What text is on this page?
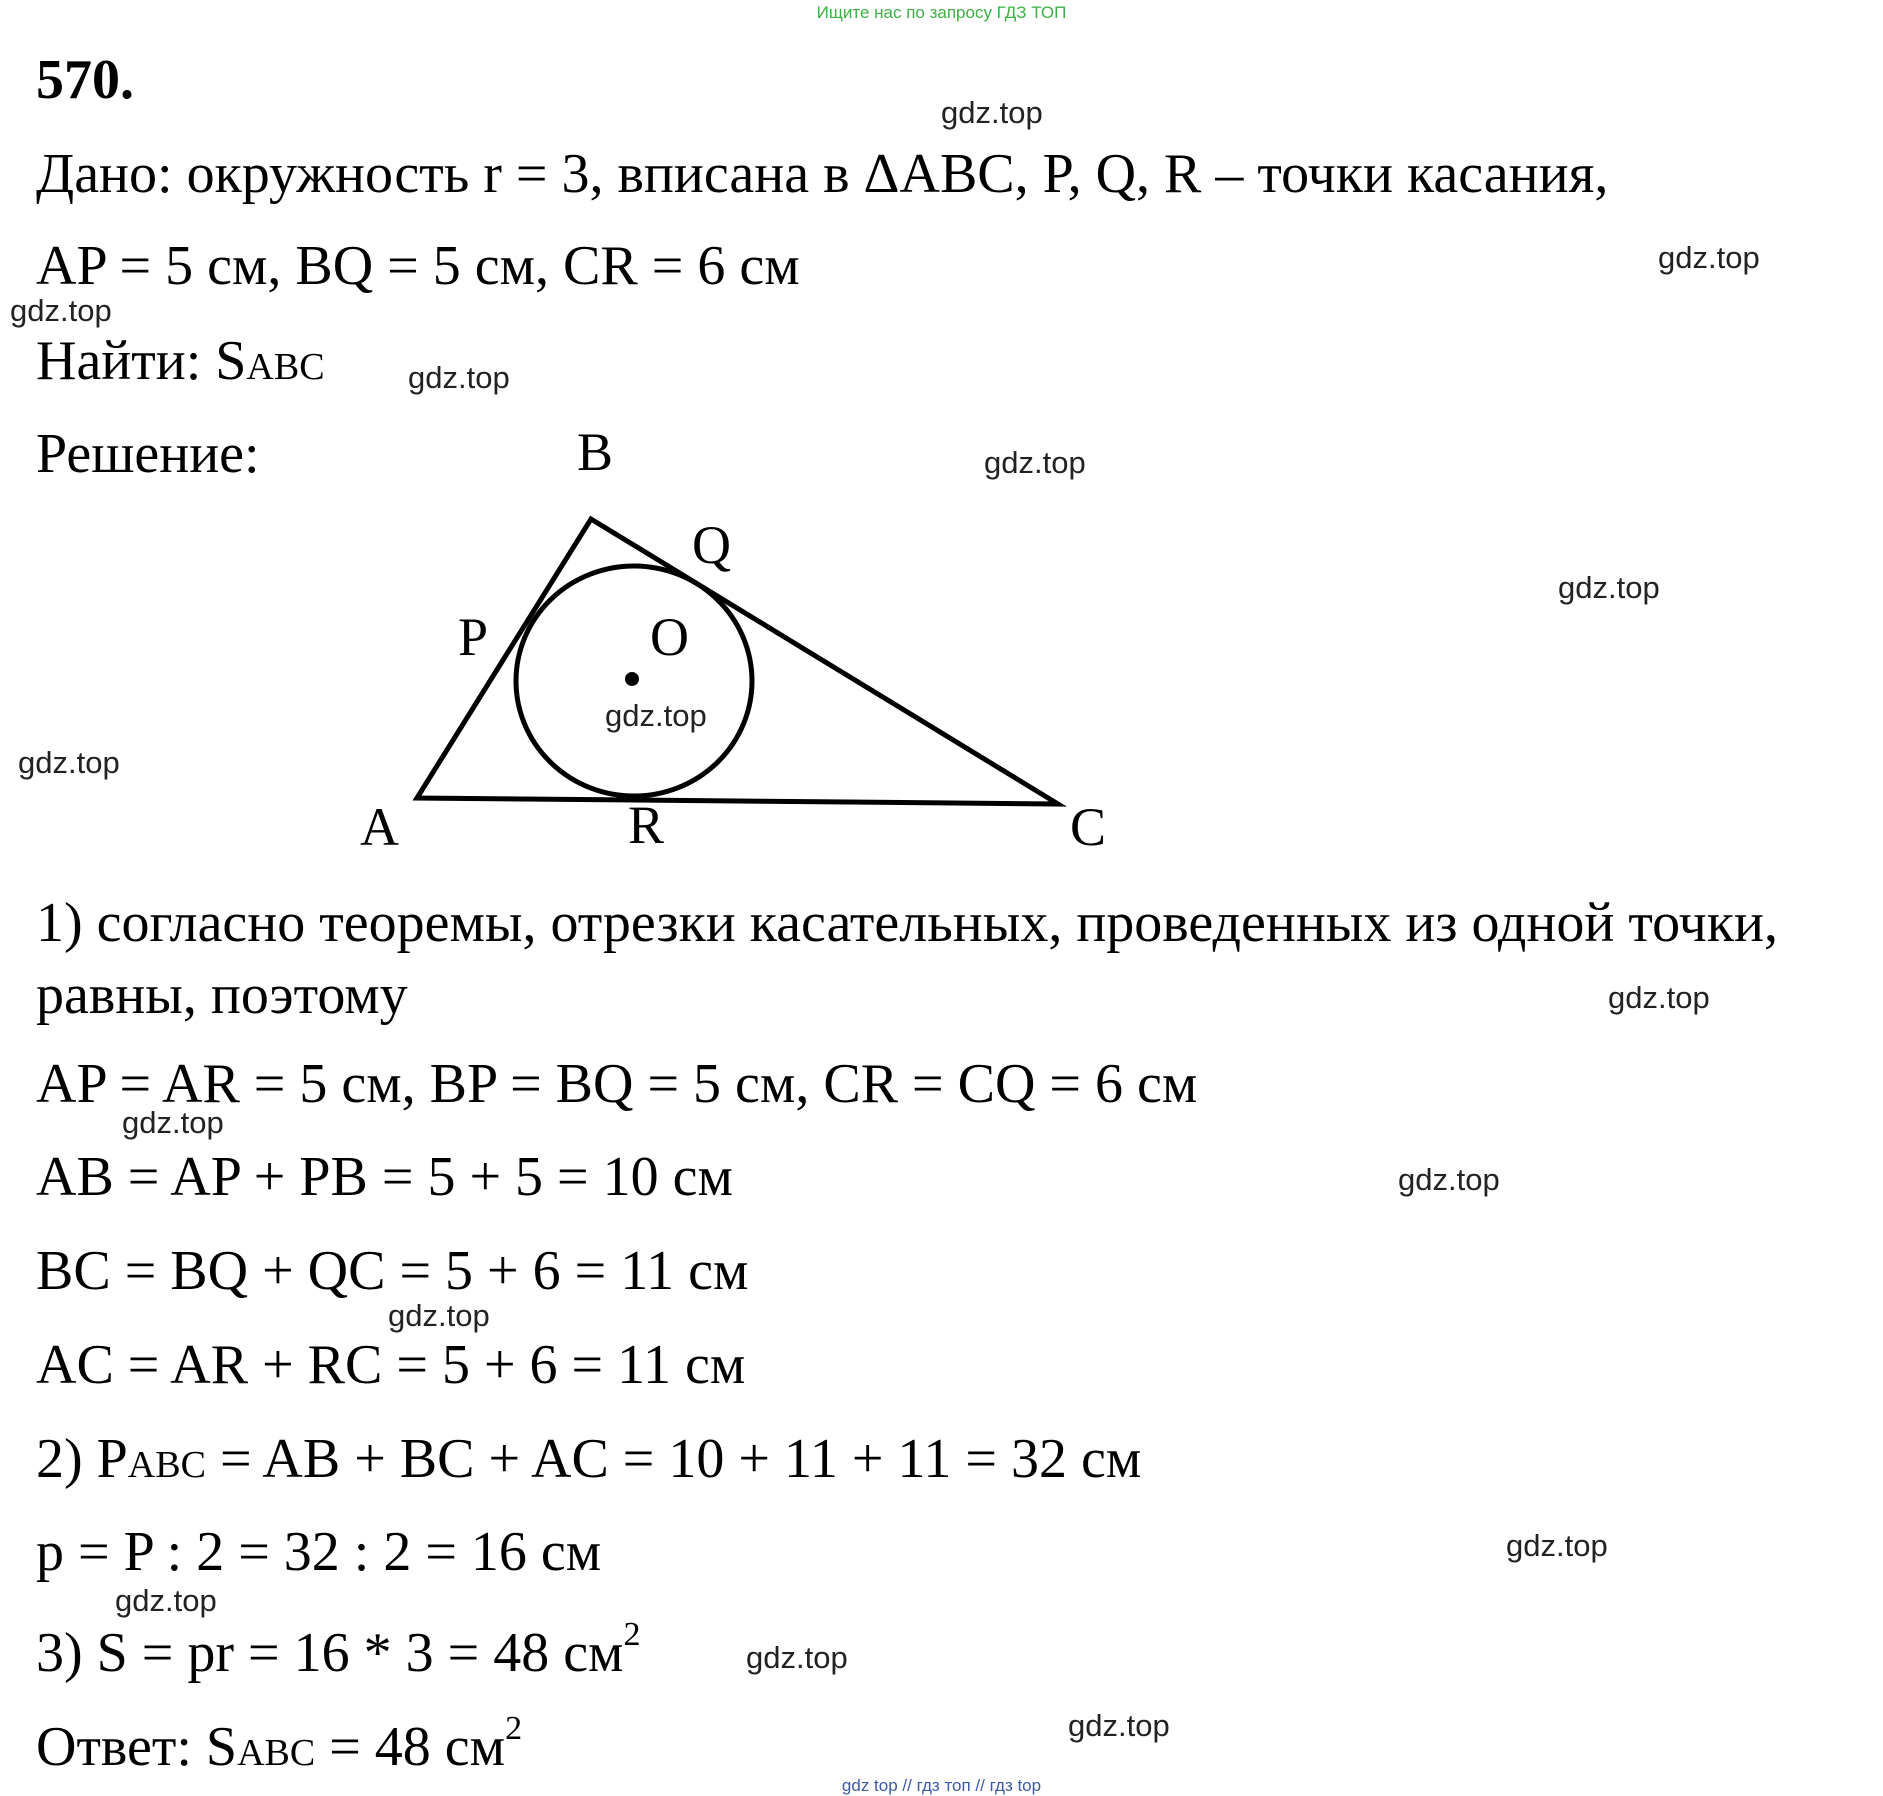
Ищите нас по запросу ГДЗ ТОП
570.
Дано: окружность r = 3, вписана в ΔABC, P, Q, R – точки касания,
AP = 5 см, BQ = 5 см, CR = 6 см
Найти: SABC
Решение:	B
Q
P	O
A	R	C
1) согласно теоремы, отрезки касательных, проведенных из одной точки,
равны, поэтому
AP = AR = 5 см, BP = BQ = 5 см, CR = CQ = 6 см
AB = AP + PB = 5 + 5 = 10 см
BC = BQ + QC = 5 + 6 = 11 см
AC = AR + RC = 5 + 6 = 11 см
2) PABC = AB + BC + AC = 10 + 11 + 11 = 32 см
p = P : 2 = 32 : 2 = 16 см
3) S = pr = 16 * 3 = 48 $см^2$
Ответ: SABC = 48 $см^2$
gdz.top
gdz.top
gdz.top
gdz.top
gdz.top
gdz.top
gdz.top
gdz.top
gdz.top
gdz.top
gdz.top
gdz.top
gdz.top
gdz.top
gdz.top
gdz.top
gdz top // гдз топ // гдз top
